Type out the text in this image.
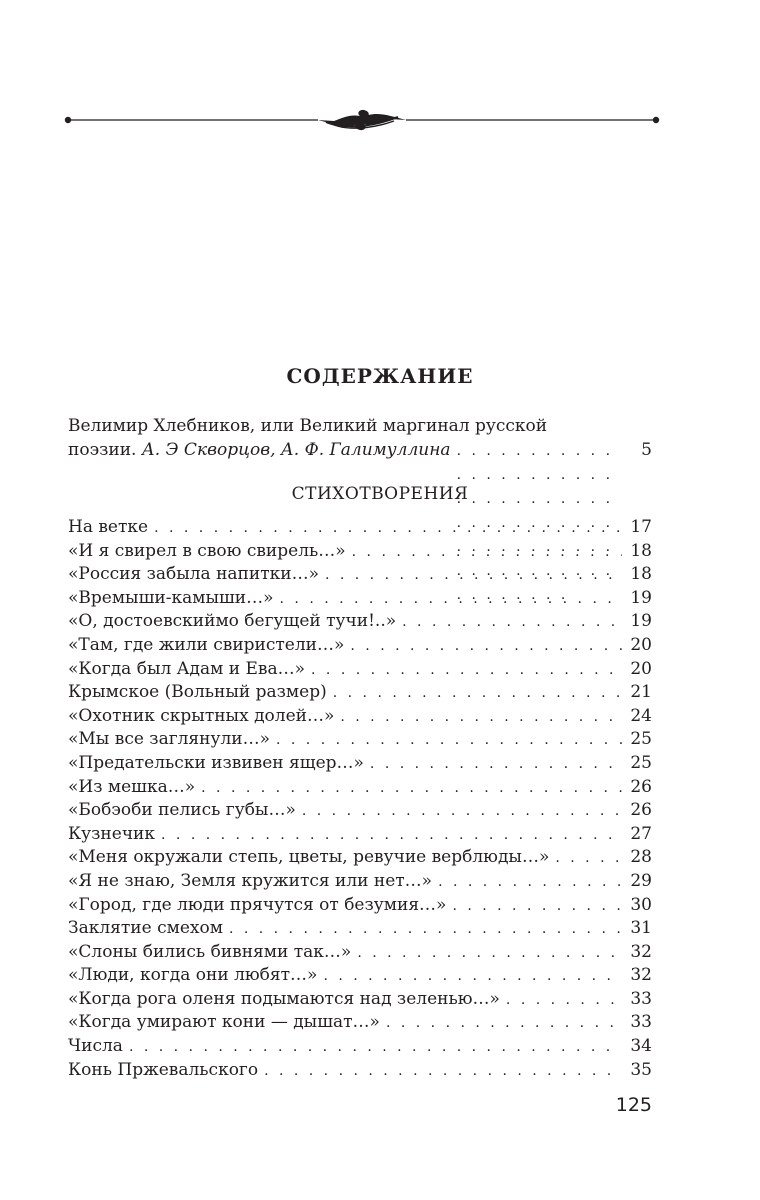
СОДЕРЖАНИЕ
Велимир Хлебников, или Великий маргинал русской
поэзии.
А. Э Скворцов, А. Ф. Галимуллина . . .	5
СТИХОТВОРЕНИЯ
На ветке . . .	17
«И я свирел в свою свирель…» . . .	18
«Россия забыла напитки…» . . .	18
«Времыши-камыши…» . . .	19
«О, достоевскиймо бегущей тучи!..» . . .	19
«Там, где жили свиристели…» . . .	20
«Когда был Адам и Ева…» . . .	20
Крымское (Вольный размер) . . .	21
«Охотник скрытных долей…» . . .	24
«Мы все заглянули…» . . .	25
«Предательски извивен ящер…» . . .	25
«Из мешка…» . . .	26
«Бобэоби пелись губы…» . . .	26
Кузнечик . . .	27
«Меня окружали степь, цветы, ревучие верблюды…» . . .	28
«Я не знаю, Земля кружится или нет…» . . .	29
«Город, где люди прячутся от безумия…» . . .	30
Заклятие смехом . . .	31
«Слоны бились бивнями так…» . . .	32
«Люди, когда они любят…» . . .	32
«Когда рога оленя подымаются над зеленью…» . . .	33
«Когда умирают кони — дышат…» . . .	33
Числа . . .	34
Конь Пржевальского . . .	35
125
